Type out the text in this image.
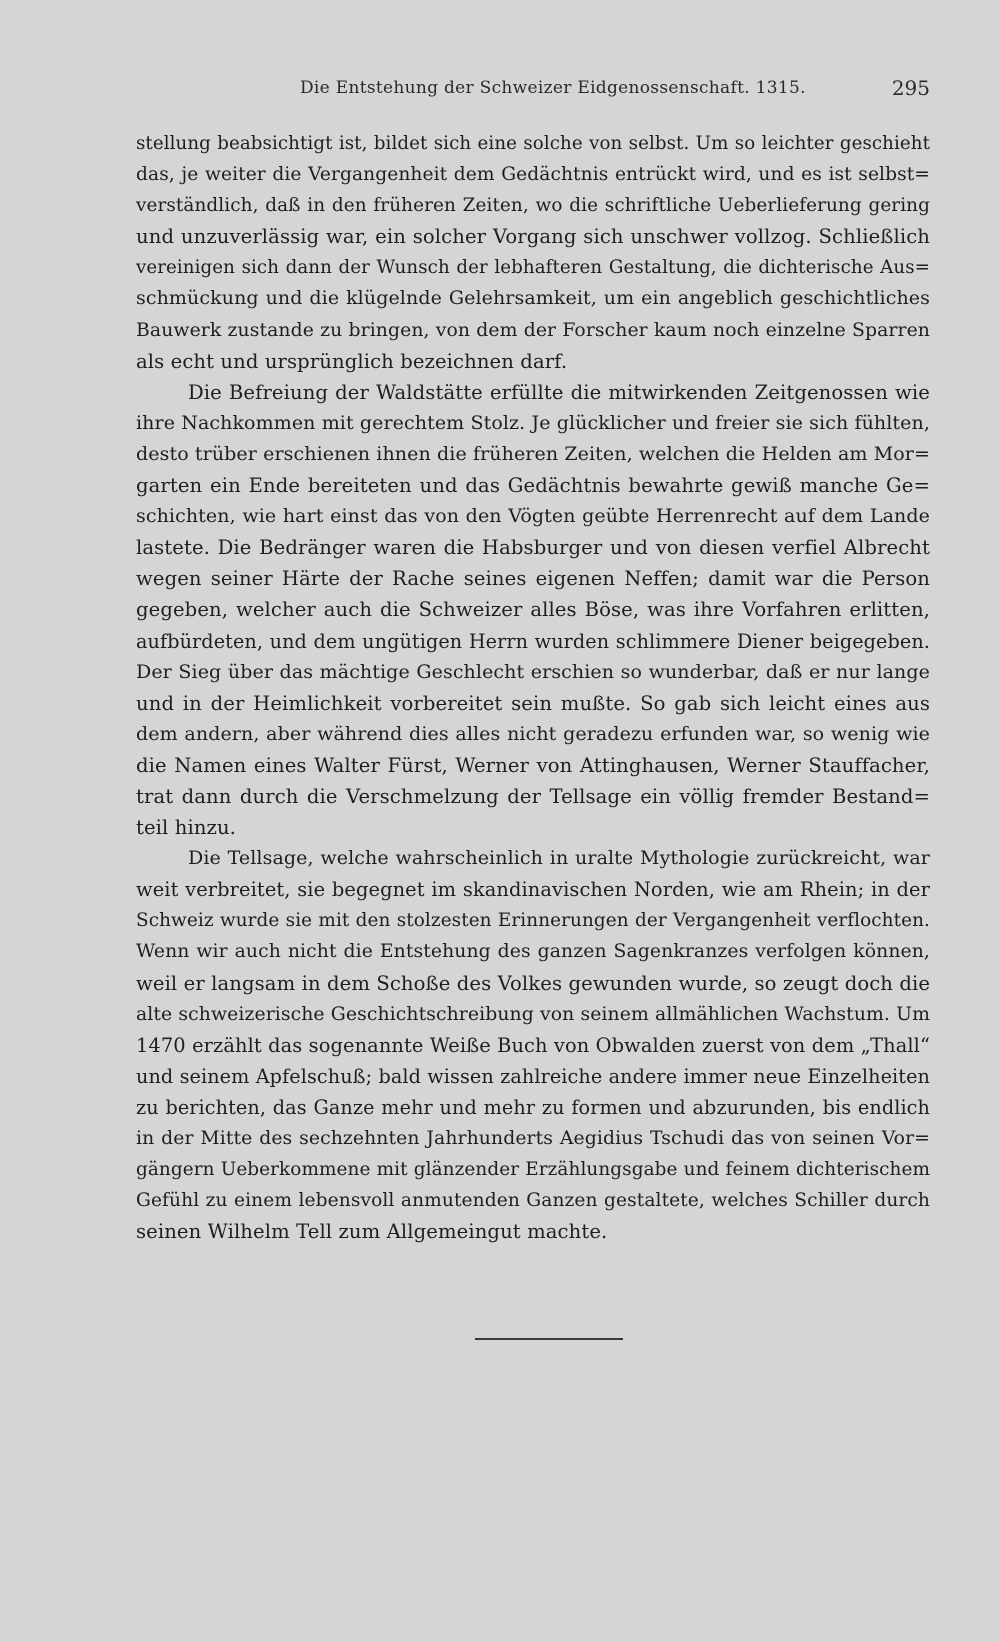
Die Entstehung der Schweizer Eidgenossenschaft. 1315.	295
stellung beabsichtigt ist, bildet sich eine solche von selbst. Um so leichter geschieht
das, je weiter die Vergangenheit dem Gedächtnis entrückt wird, und es ist selbst=
verständlich, daß in den früheren Zeiten, wo die schriftliche Ueberlieferung gering
und unzuverlässig war, ein solcher Vorgang sich unschwer vollzog. Schließlich
vereinigen sich dann der Wunsch der lebhafteren Gestaltung, die dichterische Aus=
schmückung und die klügelnde Gelehrsamkeit, um ein angeblich geschichtliches
Bauwerk zustande zu bringen, von dem der Forscher kaum noch einzelne Sparren
als echt und ursprünglich bezeichnen darf.
Die Befreiung der Waldstätte erfüllte die mitwirkenden Zeitgenossen wie
ihre Nachkommen mit gerechtem Stolz. Je glücklicher und freier sie sich fühlten,
desto trüber erschienen ihnen die früheren Zeiten, welchen die Helden am Mor=
garten ein Ende bereiteten und das Gedächtnis bewahrte gewiß manche Ge=
schichten, wie hart einst das von den Vögten geübte Herrenrecht auf dem Lande
lastete. Die Bedränger waren die Habsburger und von diesen verfiel Albrecht
wegen seiner Härte der Rache seines eigenen Neffen; damit war die Person
gegeben, welcher auch die Schweizer alles Böse, was ihre Vorfahren erlitten,
aufbürdeten, und dem ungütigen Herrn wurden schlimmere Diener beigegeben.
Der Sieg über das mächtige Geschlecht erschien so wunderbar, daß er nur lange
und in der Heimlichkeit vorbereitet sein mußte. So gab sich leicht eines aus
dem andern, aber während dies alles nicht geradezu erfunden war, so wenig wie
die Namen eines Walter Fürst, Werner von Attinghausen, Werner Stauffacher,
trat dann durch die Verschmelzung der Tellsage ein völlig fremder Bestand=
teil hinzu.
Die Tellsage, welche wahrscheinlich in uralte Mythologie zurückreicht, war
weit verbreitet, sie begegnet im skandinavischen Norden, wie am Rhein; in der
Schweiz wurde sie mit den stolzesten Erinnerungen der Vergangenheit verflochten.
Wenn wir auch nicht die Entstehung des ganzen Sagenkranzes verfolgen können,
weil er langsam in dem Schoße des Volkes gewunden wurde, so zeugt doch die
alte schweizerische Geschichtschreibung von seinem allmählichen Wachstum. Um
1470 erzählt das sogenannte Weiße Buch von Obwalden zuerst von dem „Thall“
und seinem Apfelschuß; bald wissen zahlreiche andere immer neue Einzelheiten
zu berichten, das Ganze mehr und mehr zu formen und abzurunden, bis endlich
in der Mitte des sechzehnten Jahrhunderts Aegidius Tschudi das von seinen Vor=
gängern Ueberkommene mit glänzender Erzählungsgabe und feinem dichterischem
Gefühl zu einem lebensvoll anmutenden Ganzen gestaltete, welches Schiller durch
seinen Wilhelm Tell zum Allgemeingut machte.
